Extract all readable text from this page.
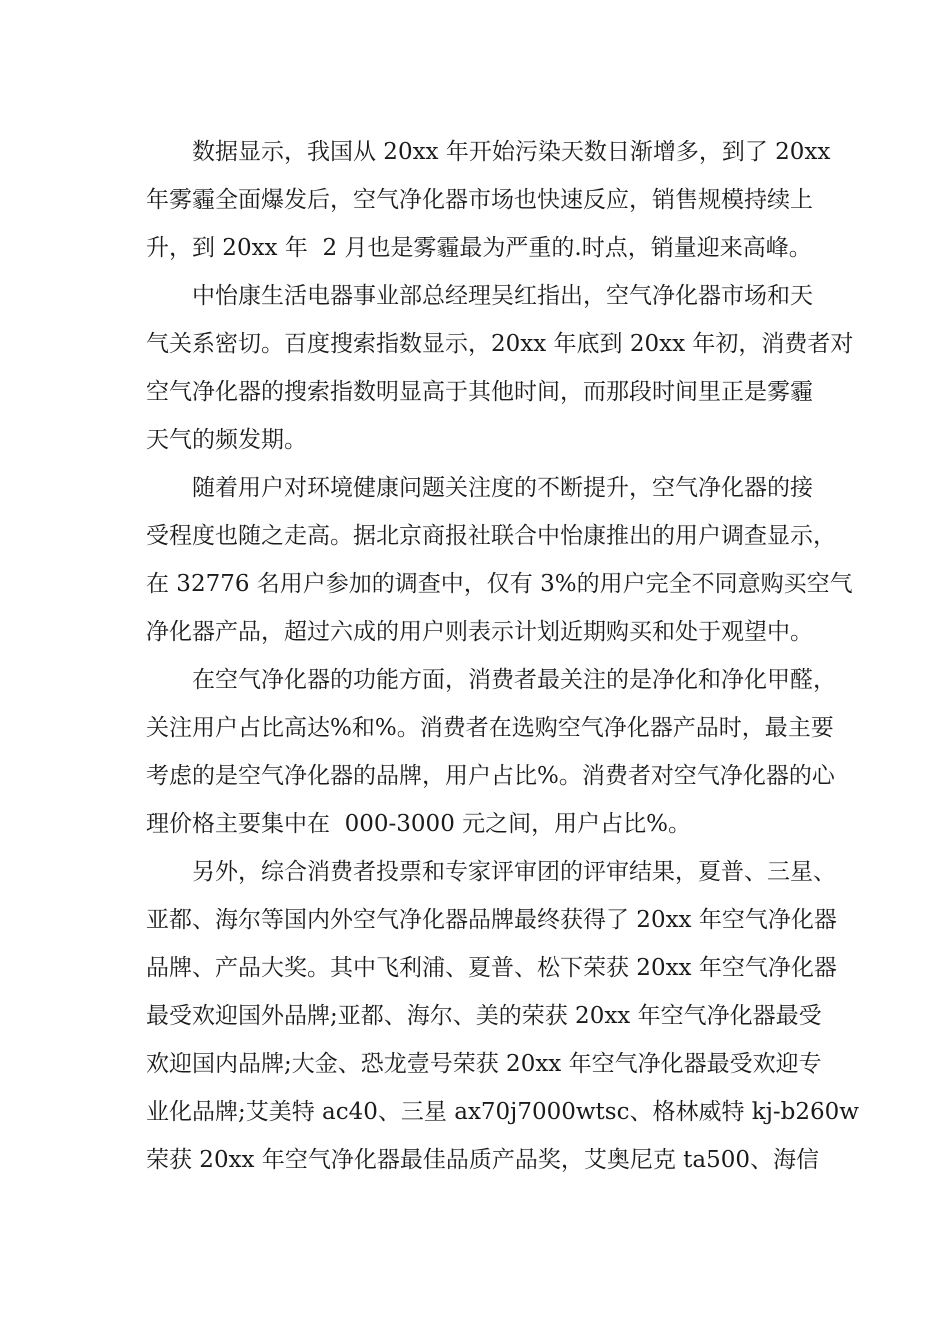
数据显示，我国从 20xx 年开始污染天数日渐增多，到了 20xx
年雾霾全面爆发后，空气净化器市场也快速反应，销售规模持续上
升，到 20xx 年  2 月也是雾霾最为严重的.时点，销量迎来高峰。
中怡康生活电器事业部总经理吴红指出，空气净化器市场和天
气关系密切。百度搜索指数显示，20xx 年底到 20xx 年初，消费者对
空气净化器的搜索指数明显高于其他时间，而那段时间里正是雾霾
天气的频发期。
随着用户对环境健康问题关注度的不断提升，空气净化器的接
受程度也随之走高。据北京商报社联合中怡康推出的用户调查显示，
在 32776 名用户参加的调查中，仅有 3%的用户完全不同意购买空气
净化器产品，超过六成的用户则表示计划近期购买和处于观望中。
在空气净化器的功能方面，消费者最关注的是净化和净化甲醛，
关注用户占比高达%和%。消费者在选购空气净化器产品时，最主要
考虑的是空气净化器的品牌，用户占比%。消费者对空气净化器的心
理价格主要集中在  000-3000 元之间，用户占比%。
另外，综合消费者投票和专家评审团的评审结果，夏普、三星、
亚都、海尔等国内外空气净化器品牌最终获得了 20xx 年空气净化器
品牌、产品大奖。其中飞利浦、夏普、松下荣获 20xx 年空气净化器
最受欢迎国外品牌;亚都、海尔、美的荣获 20xx 年空气净化器最受
欢迎国内品牌;大金、恐龙壹号荣获 20xx 年空气净化器最受欢迎专
业化品牌;艾美特 ac40、三星 ax70j7000wtsc、格林威特 kj-b260w
荣获 20xx 年空气净化器最佳品质产品奖，艾奥尼克 ta500、海信
